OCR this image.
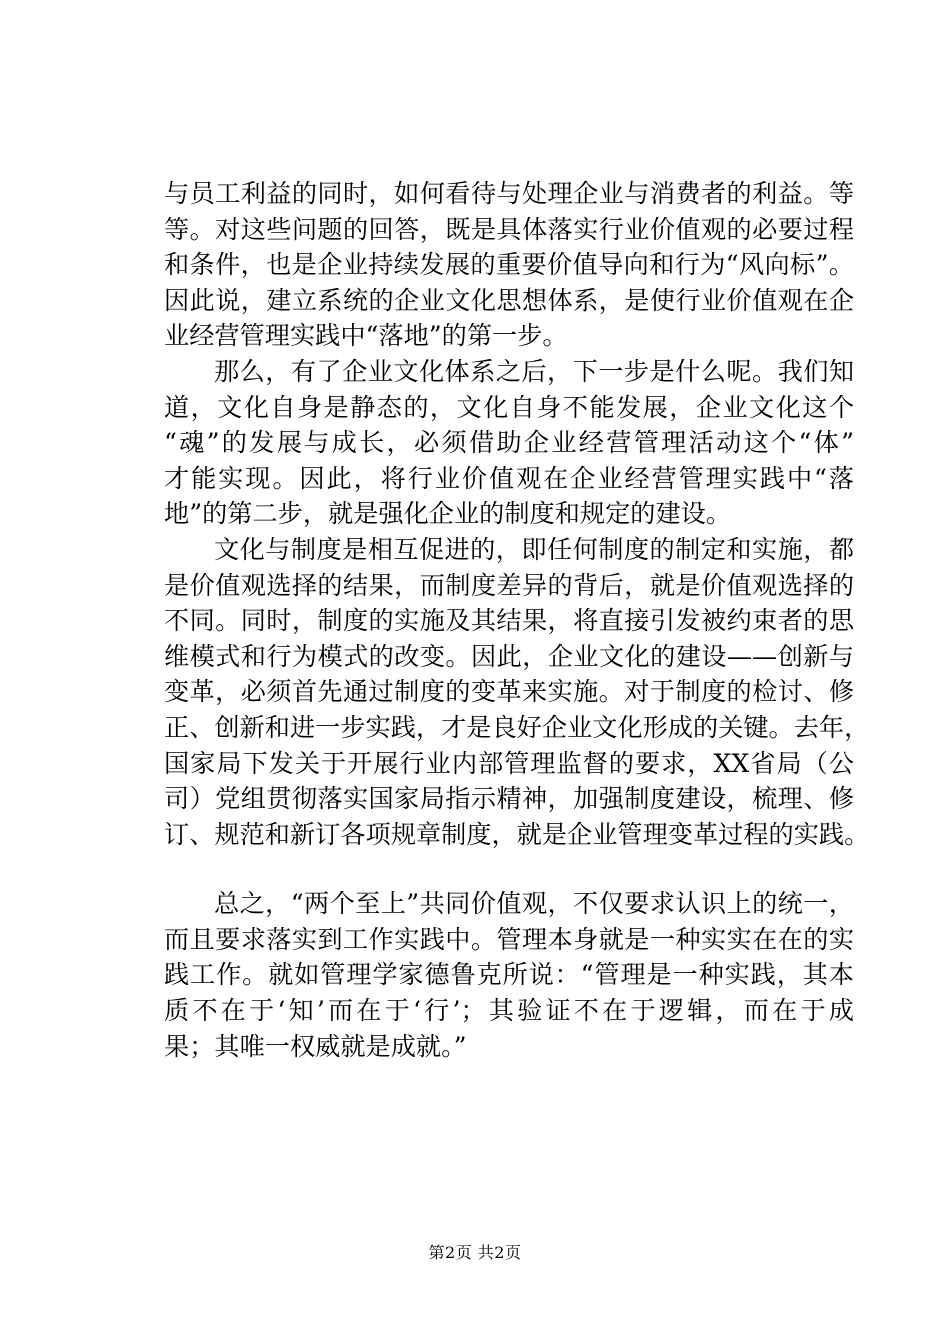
与员工利益的同时，如何看待与处理企业与消费者的利益。等
等。对这些问题的回答，既是具体落实行业价值观的必要过程
和条件，也是企业持续发展的重要价值导向和行为“风向标”。
因此说，建立系统的企业文化思想体系，是使行业价值观在企
业经营管理实践中“落地”的第一步。
那么，有了企业文化体系之后，下一步是什么呢。我们知
道，文化自身是静态的，文化自身不能发展，企业文化这个
“魂”的发展与成长，必须借助企业经营管理活动这个“体”
才能实现。因此，将行业价值观在企业经营管理实践中“落
地”的第二步，就是强化企业的制度和规定的建设。
文化与制度是相互促进的，即任何制度的制定和实施，都
是价值观选择的结果，而制度差异的背后，就是价值观选择的
不同。同时，制度的实施及其结果，将直接引发被约束者的思
维模式和行为模式的改变。因此，企业文化的建设——创新与
变革，必须首先通过制度的变革来实施。对于制度的检讨、修
正、创新和进一步实践，才是良好企业文化形成的关键。去年，
国家局下发关于开展行业内部管理监督的要求，XX省局（公
司）党组贯彻落实国家局指示精神，加强制度建设，梳理、修
订、规范和新订各项规章制度，就是企业管理变革过程的实践。
总之，“两个至上”共同价值观，不仅要求认识上的统一，
而且要求落实到工作实践中。管理本身就是一种实实在在的实
践工作。就如管理学家德鲁克所说：“管理是一种实践，其本
质不在于‘知’而在于‘行’；其验证不在于逻辑，而在于成
果；其唯一权威就是成就。”
第2页 共2页
